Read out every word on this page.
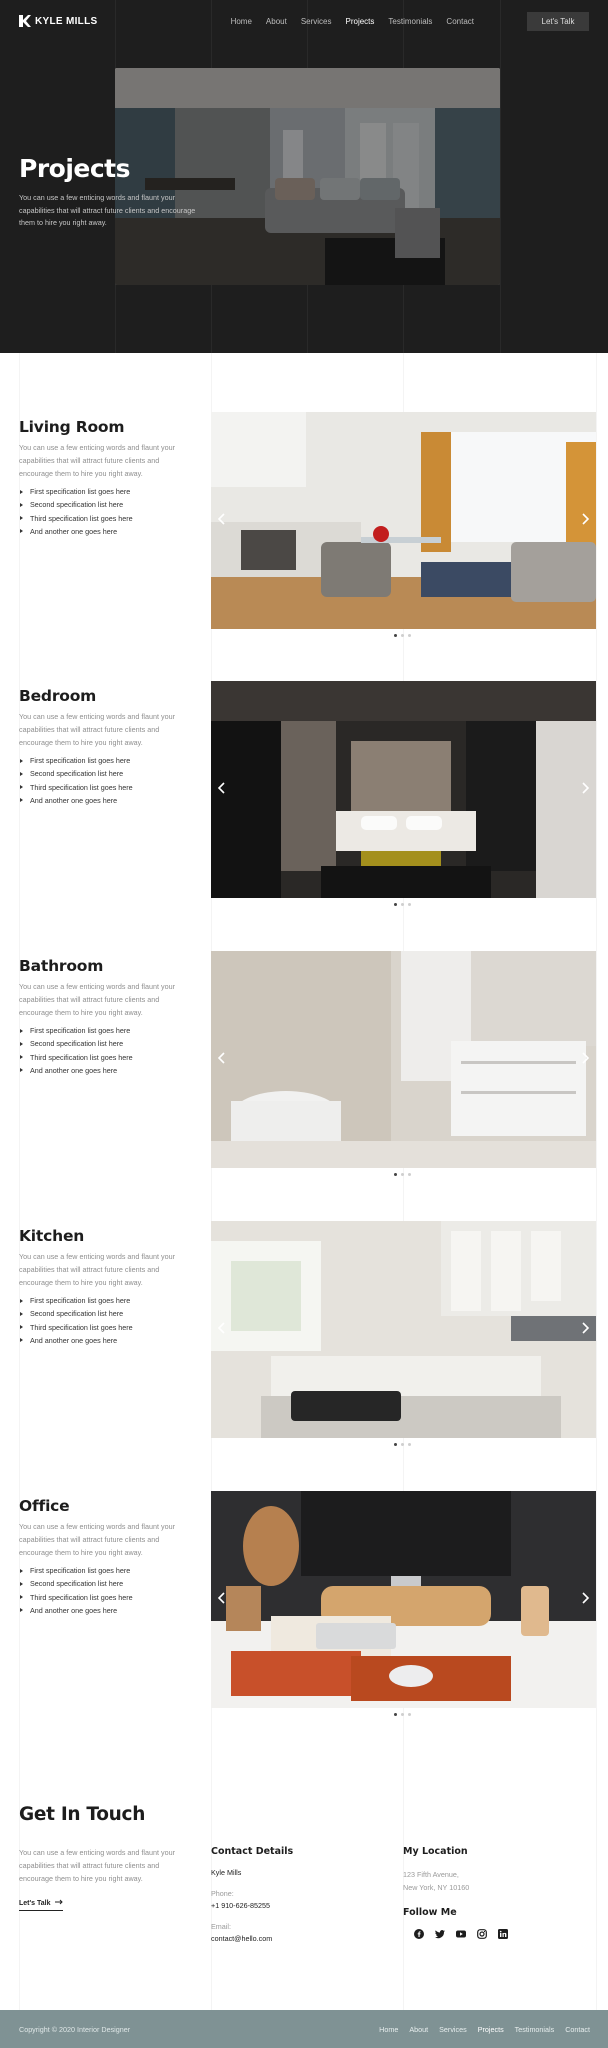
KYLE MILLS	Home About Services Projects Testimonials Contact	Let's Talk
Projects

You can use a few enticing words and flaunt your capabilities that will attract future clients and encourage them to hire you right away.

Living Room

You can use a few enticing words and flaunt your capabilities that will attract future clients and encourage them to hire you right away.

First specification list goes here
Second specification list here
Third specification list goes here
And another one goes here
Bedroom

You can use a few enticing words and flaunt your capabilities that will attract future clients and encourage them to hire you right away.

First specification list goes here
Second specification list here
Third specification list goes here
And another one goes here
Bathroom

You can use a few enticing words and flaunt your capabilities that will attract future clients and encourage them to hire you right away.

First specification list goes here
Second specification list here
Third specification list goes here
And another one goes here
Kitchen

You can use a few enticing words and flaunt your capabilities that will attract future clients and encourage them to hire you right away.

First specification list goes here
Second specification list here
Third specification list goes here
And another one goes here
Office

You can use a few enticing words and flaunt your capabilities that will attract future clients and encourage them to hire you right away.

First specification list goes here
Second specification list here
Third specification list goes here
And another one goes here
Get In Touch

You can use a few enticing words and flaunt your capabilities that will attract future clients and encourage them to hire you right away.

Let's Talk
Contact Details
Kyle Mills
Phone:
+1 910-626-85255
Email:
contact@hello.com
My Location
123 Fifth Avenue,
New York, NY 10160
Follow Me
Copyright © 2020 Interior Designer	Home About Services Projects Testimonials Contact
